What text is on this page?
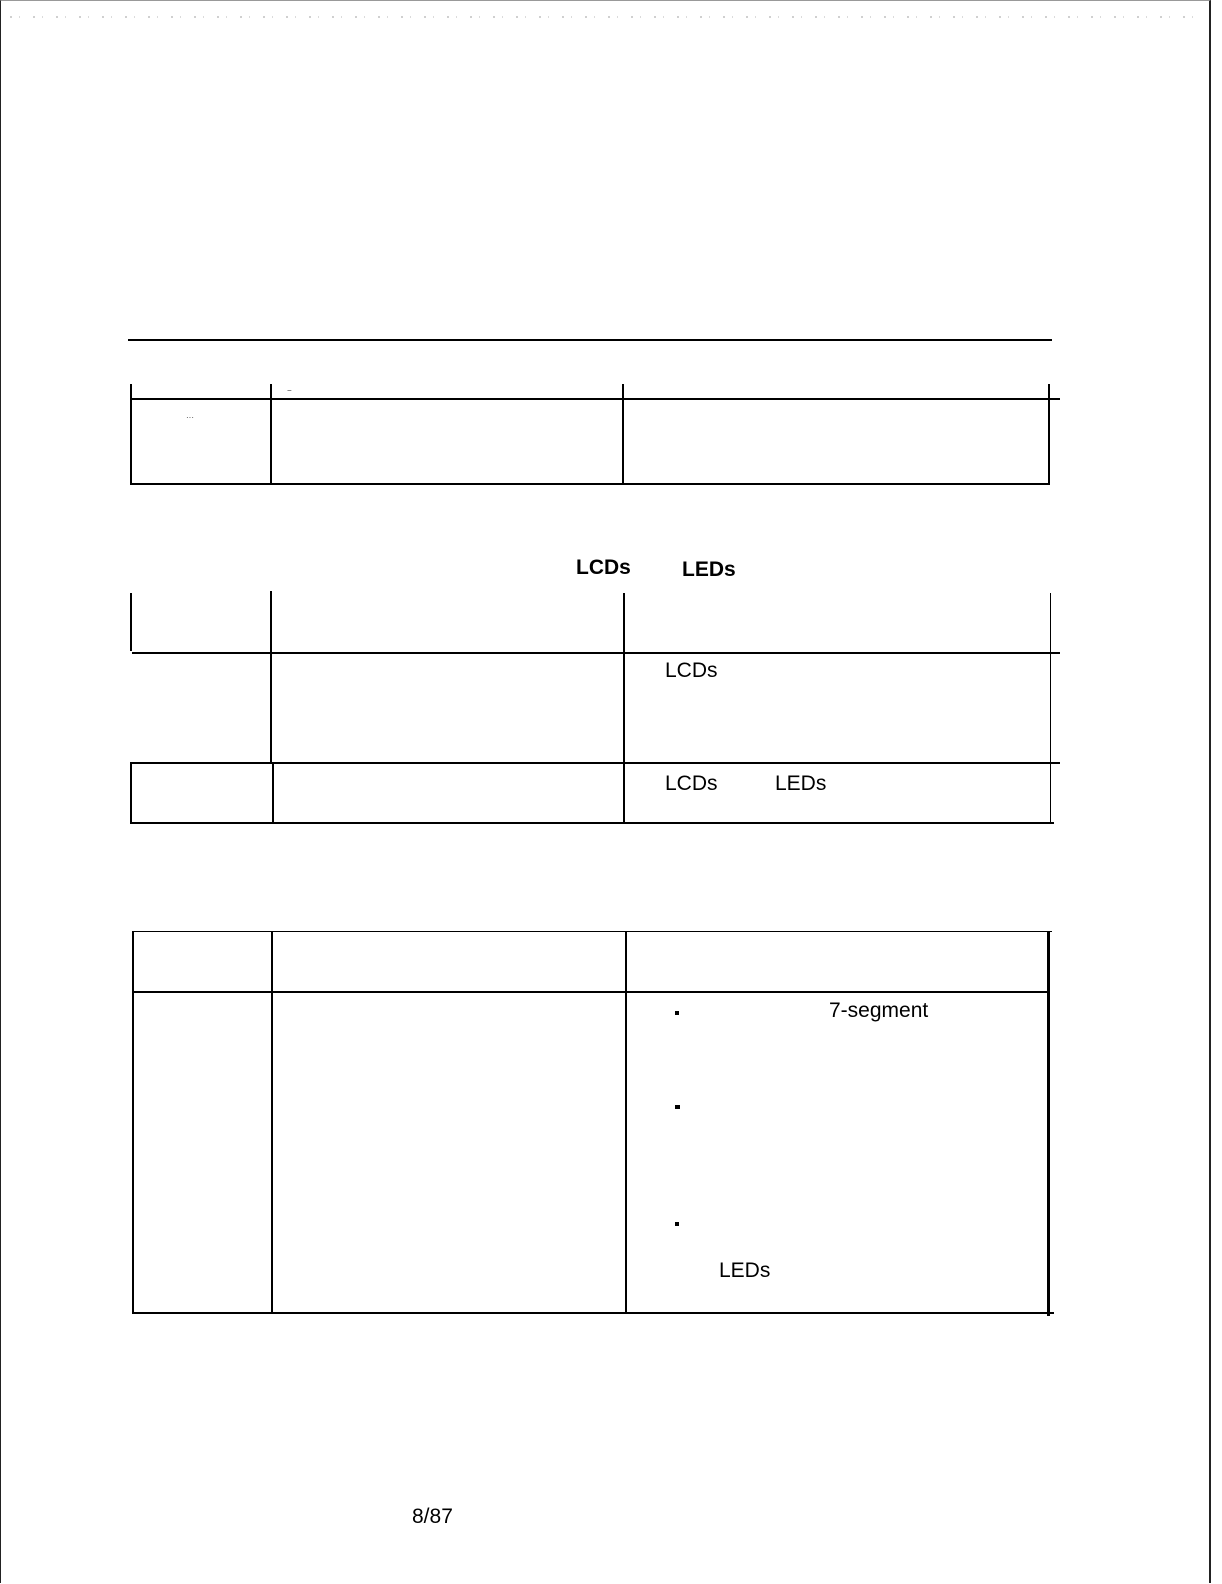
−
···
LCDs LEDs
LCDs
LCDs	LEDs
7-segment
LEDs
8/87
